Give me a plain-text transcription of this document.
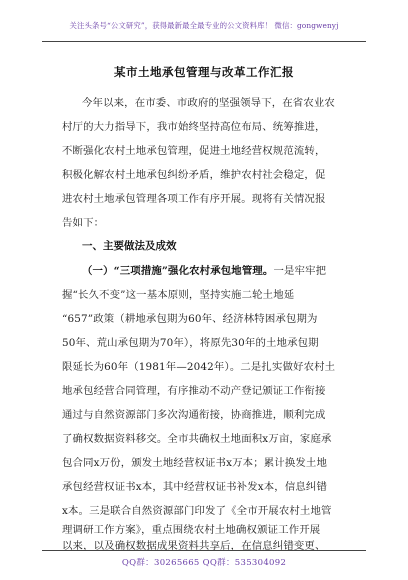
关注头条号“公文研究”，获得最新最全最专业的公文资料库！ 微信：gongwenyj
某市土地承包管理与改革工作汇报
今年以来，在市委、市政府的坚强领导下，在省农业农
村厅的大力指导下，我市始终坚持高位布局、统筹推进，
不断强化农村土地承包管理，促进土地经营权规范流转，
积极化解农村土地承包纠纷矛盾，维护农村社会稳定，促
进农村土地承包管理各项工作有序开展。现将有关情况报
告如下：
一、主要做法及成效
（一）“三项措施”强化农村承包地管理。一是牢牢把
握“长久不变”这一基本原则，坚持实施二轮土地延
“657”政策（耕地承包期为60年、经济林特困承包期为
50年、荒山承包期为70年），将原先30年的土地承包期
限延长为60年（1981年—2042年）。二是扎实做好农村土
地承包经营合同管理，有序推动不动产登记颁证工作衔接
通过与自然资源部门多次沟通衔接，协商推进，顺利完成
了确权数据资料移交。全市共确权土地面积x万亩，家庭承
包合同x万份，颁发土地经营权证书x万本；累计换发土地
承包经营权证书x本，其中经营权证书补发x本，信息纠错
x本。三是联合自然资源部门印发了《全市开展农村土地管
理调研工作方案》，重点围绕农村土地确权颁证工作开展
以来，以及确权数据成果资料共享后，在信息纠错变更、
QQ群：30265665 QQ群：535304092
